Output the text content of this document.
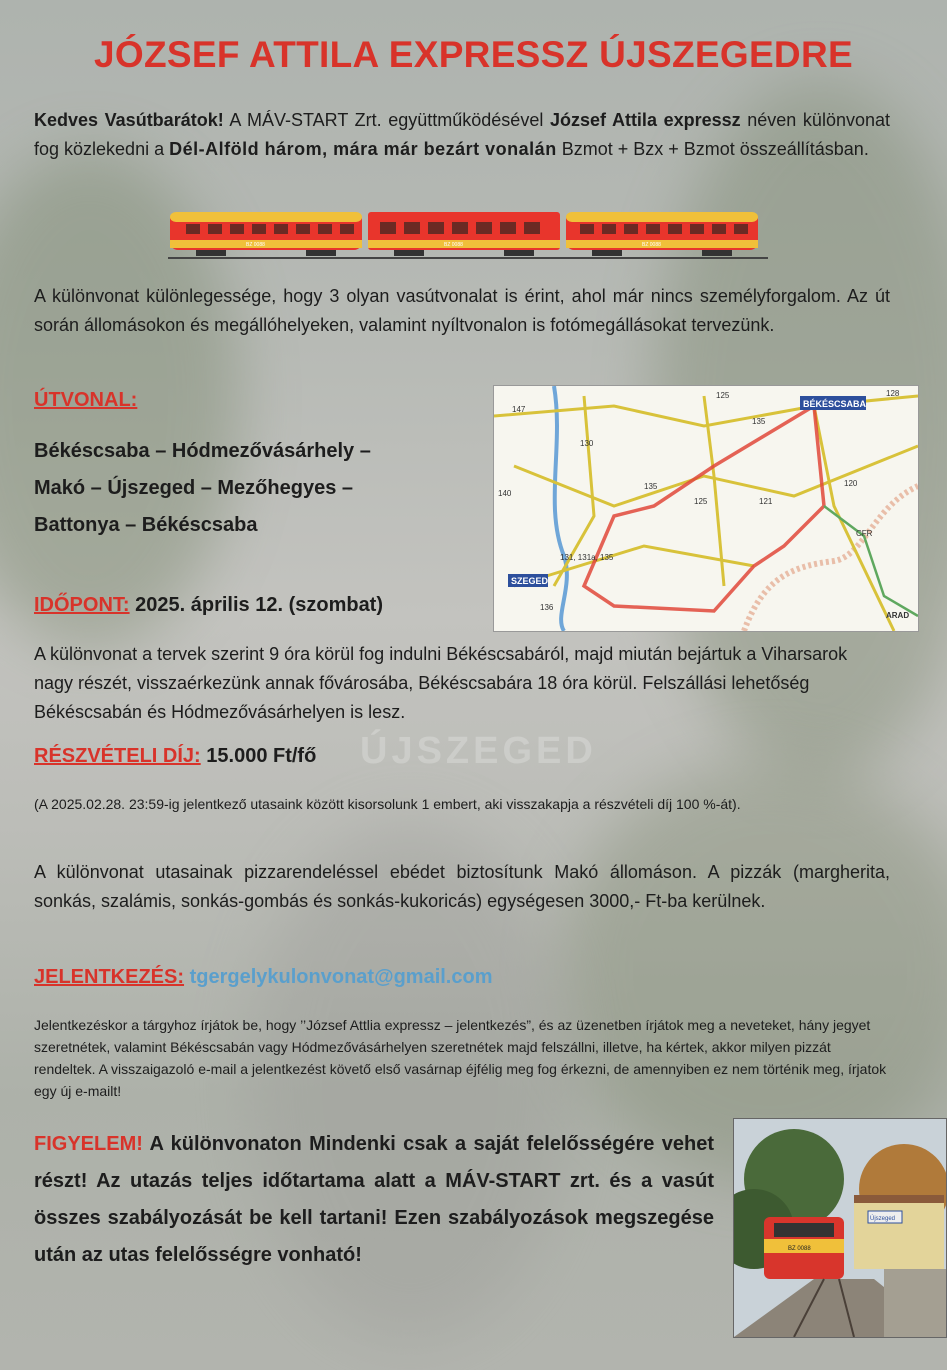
ÚJSZEGED
JÓZSEF ATTILA EXPRESSZ ÚJSZEGEDRE
Kedves Vasútbarátok! A MÁV-START Zrt. együttműködésével József Attila expressz néven különvonat fog közlekedni a Dél-Alföld három, mára már bezárt vonalán Bzmot + Bzx + Bzmot összeállításban.
BZ 0088	BZ 0088	BZ 0088
A különvonat különlegessége, hogy 3 olyan vasútvonalat is érint, ahol már nincs személyforgalom. Az út során állomásokon és megállóhelyeken, valamint nyíltvonalon is fotómegállásokat tervezünk.
ÚTVONAL:
Békéscsaba – Hódmezővásárhely –
Makó – Újszeged – Mezőhegyes –
Battonya – Békéscsaba
BÉKÉSCSABA
SZEGED
ARAD
135
135
121
125
125
120
130
140
147
136
128
131, 131a, 135
CFR
IDŐPONT: 2025. április 12. (szombat)
A különvonat a tervek szerint 9 óra körül fog indulni Békéscsabáról, majd miután bejártuk a Viharsarok nagy részét, visszaérkezünk annak fővárosába, Békéscsabára 18 óra körül. Felszállási lehetőség Békéscsabán és Hódmezővásárhelyen is lesz.
RÉSZVÉTELI DÍJ: 15.000 Ft/fő
(A 2025.02.28. 23:59-ig jelentkező utasaink között kisorsolunk 1 embert, aki visszakapja a részvételi díj 100 %-át).
A különvonat utasainak pizzarendeléssel ebédet biztosítunk Makó állomáson. A pizzák (margherita, sonkás, szalámis, sonkás-gombás és sonkás-kukoricás) egységesen 3000,- Ft-ba kerülnek.
JELENTKEZÉS: tgergelykulonvonat@gmail.com
Jelentkezéskor a tárgyhoz írjátok be, hogy ’’József Attlia expressz – jelentkezés”, és az üzenetben írjátok meg a neveteket, hány jegyet szeretnétek, valamint Békéscsabán vagy Hódmezővásárhelyen szeretnétek majd felszállni, illetve, ha kértek, akkor milyen pizzát rendeltek. A visszaigazoló e-mail a jelentkezést követő első vasárnap éjfélig meg fog érkezni, de amennyiben ez nem történik meg, írjatok egy új e-mailt!
FIGYELEM! A különvonaton Mindenki csak a saját felelősségére vehet részt! Az utazás teljes időtartama alatt a MÁV-START zrt. és a vasút összes szabályozását be kell tartani! Ezen szabályozások megszegése után az utas felelősségre vonható!
Újszeged
BZ 0088
